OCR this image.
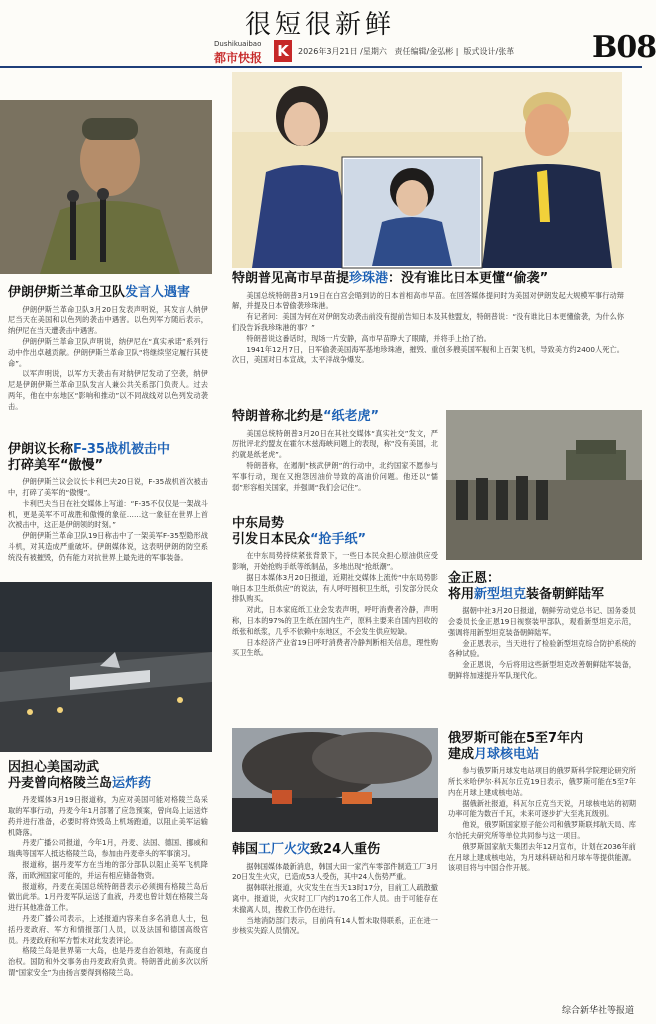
很短很新鲜
Dushikuaibao
都市快报	K	2026年3月21日 /星期六 责任编辑/金弘彬 |  版式设计/张革	B08
伊朗伊斯兰革命卫队发言人遇害

伊朗伊斯兰革命卫队3月20日发表声明说，其发言人纳伊尼当天在美国和以色列的袭击中遇害。以色列军方随后表示，纳伊尼在当天遭袭击中遇害。

伊朗伊斯兰革命卫队声明说，纳伊尼在“真实承诺”系列行动中作出卓越贡献。伊朗伊斯兰革命卫队“将继续坚定履行其使命”。

以军声明说，以军方天袭击有对纳伊尼发动了空袭，纳伊尼是伊朗伊斯兰革命卫队发言人兼公共关系部门负责人。过去两年，他在中东地区“影响和推动”以不同战线对以色列发动袭击。

伊朗议长称F-35战机被击中
打碎美军“傲慢”

伊朗伊斯兰议会议长卡利巴夫20日说，F-35战机首次被击中，打碎了美军的“傲慢”。

卡利巴夫当日在社交媒体上写道：“F-35不仅仅是一架战斗机，更是美军不可战胜和傲慢的象征……这一象征在世界上首次被击中，这正是伊朗领的时刻。”

伊朗伊斯兰革命卫队19日称击中了一架美军F-35型隐形战斗机，对其造成严重破坏。伊朗媒体说，这表明伊朗的防空系统没有被摧毁，仍有能力对抗世界上最先进的军事装备。

因担心美国动武
丹麦曾向格陵兰岛运炸药

丹麦媒体3月19日报道称，为应对美国可能对格陵兰岛采取的军事行动，丹麦今年1月部署了应急预案，曾向岛上运送炸药并进行准备，必要时将炸毁岛上机场跑道，以阻止美军运输机降落。

丹麦广播公司报道，今年1月，丹麦、法国、德国、挪威和瑞典等国军人抵达格陵兰岛，参加由丹麦牵头的军事演习。

报道称，据丹麦军方在当地的部分部队以阻止美军飞机降落，而欧洲国家可能的，并运有相应储备物资。

报道称，丹麦在美国总统特朗普表示必须拥有格陵兰岛后做出此举。1月丹麦军队运送了血液，丹麦也曾计划在格陵兰岛进行其他准备工作。

丹麦广播公司表示，上述报道内容来自多名消息人士，包括丹麦政府、军方和情报部门人员，以及法国和德国高级官员。丹麦政府和军方暂未对此发表评论。

格陵兰岛是世界第一大岛，也是丹麦自治领地，有高度自治权。国防和外交事务由丹麦政府负责。特朗普此前多次以所谓“国家安全”为由扬言要得到格陵兰岛。

特朗普见高市早苗提珍珠港：没有谁比日本更懂“偷袭”

美国总统特朗普3月19日在白宫会晤到访的日本首相高市早苗。在回答媒体提问时为美国对伊朗发起大规模军事行动辩解，并提及日本曾偷袭珍珠港。

有记者问：美国为何在对伊朗发动袭击前没有提前告知日本及其他盟友，特朗普说：“没有谁比日本更懂偷袭，为什么你们没告诉我珍珠港的事？”

特朗普说这番话时，现场一片安静，高市早苗睁大了眼睛，并将手上抬了抬。

1941年12月7日，日军偷袭美国海军基地珍珠港，摧毁、重创多艘美国军舰和上百架飞机，导致美方约2400人死亡。次日，美国对日本宣战，太平洋战争爆发。

特朗普称北约是“纸老虎”

美国总统特朗普3月20日在其社交媒体“真实社交”发文，严厉批评北约盟友在霍尔木兹海峡问题上的表现，称“没有美国，北约就是纸老虎”。

特朗普称，在遏制“核武伊朗”的行动中，北约国家不愿参与军事行动，现在又抱怨因油价导致的高油价问题。他还以“懦弱”形容相关国家，并强调“我们会记住”。

中东局势
引发日本民众“抢手纸”

在中东局势持续紧张背景下，一些日本民众担心原油供应受影响，开始抢购手纸等纸制品，多地出现“抢纸潮”。

据日本媒体3月20日报道，近期社交媒体上流传“中东局势影响日本卫生纸供应”的说法，有人呼吁囤积卫生纸，引发部分民众排队购买。

对此，日本家庭纸工业会发表声明，呼吁消费者冷静，声明称，日本的97%的卫生纸在国内生产，原料主要来自国内回收的纸张和纸浆，几乎不依赖中东地区，不会发生供应短缺。

日本经济产业省19日呼吁消费者冷静判断相关信息，理性购买卫生纸。

韩国工厂火灾致24人重伤

据韩国媒体最新消息，韩国大田一家汽车零部件制造工厂3月20日发生火灾，已造成53人受伤，其中24人伤势严重。

据韩联社报道，火灾发生在当天13时17分，目前工人疏散撤离中。报道说，火灾时工厂内约170名工作人员。由于可能存在未撤离人员，搜救工作仍在进行。

当地消防部门表示，目前尚有14人暂未取得联系，正在进一步核实失踪人员情况。

金正恩：
将用新型坦克装备朝鲜陆军

据朝中社3月20日报道，朝鲜劳动党总书记、国务委员会委员长金正恩19日视察装甲部队，观看新型坦克示范，强调将用新型坦克装备朝鲜陆军。

金正恩表示，当天进行了检验新型坦克综合防护系统的各种试验。

金正恩说，今后将用这些新型坦克改善朝鲜陆军装备，朝鲜将加速提升军队现代化。

俄罗斯可能在5至7年内
建成月球核电站

参与俄罗斯月球发电站项目的俄罗斯科学院理论研究所所长米哈伊尔·科瓦尔丘克19日表示，俄罗斯可能在5至7年内在月球上建成核电站。

据俄新社报道，科瓦尔丘克当天说，月球核电站的初期功率可能为数百千瓦，未来可逐步扩大至兆瓦级别。

他说，俄罗斯国家原子能公司和俄罗斯联邦航天局、库尔恰托夫研究所等单位共同参与这一项目。

俄罗斯国家航天集团去年12月宣布，计划在2036年前在月球上建成核电站，为月球科研站和月球车等提供能源。该项目将与中国合作开展。

综合新华社等报道
